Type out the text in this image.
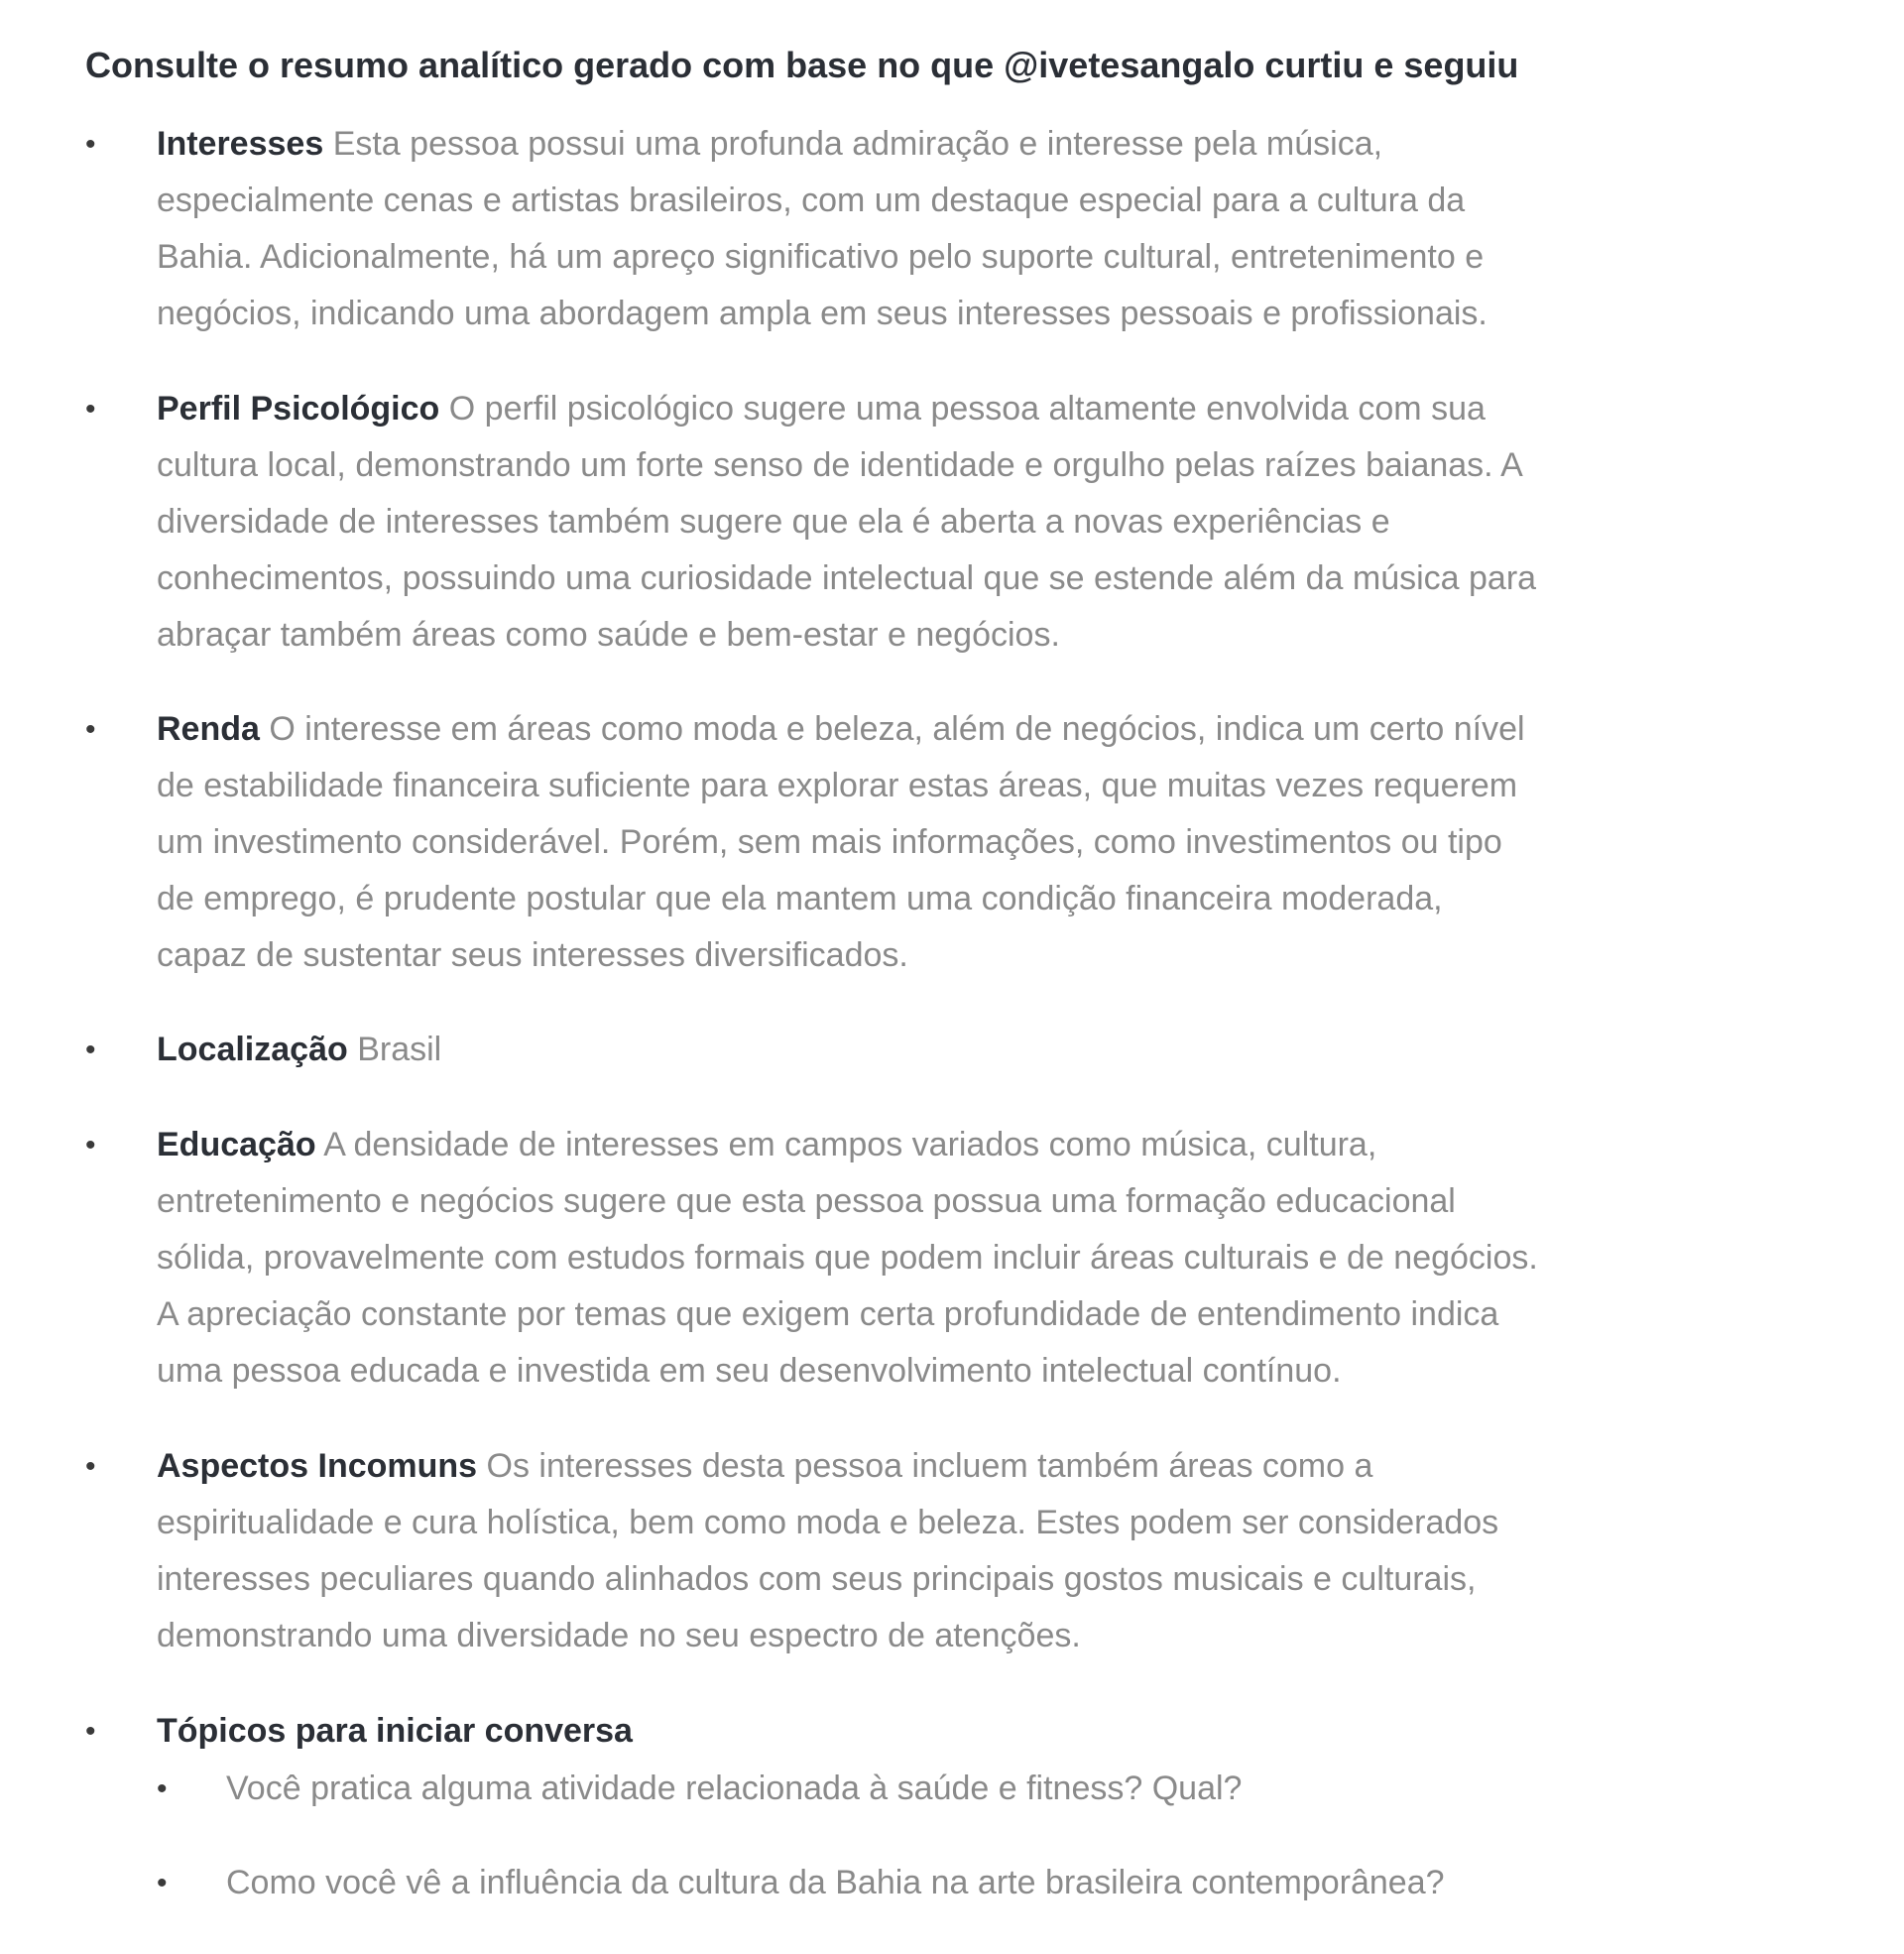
Consulte o resumo analítico gerado com base no que @ivetesangalo curtiu e seguiu
•	Interesses Esta pessoa possui uma profunda admiração e interesse pela música,
especialmente cenas e artistas brasileiros, com um destaque especial para a cultura da
Bahia. Adicionalmente, há um apreço significativo pelo suporte cultural, entretenimento e
negócios, indicando uma abordagem ampla em seus interesses pessoais e profissionais.
•	Perfil Psicológico O perfil psicológico sugere uma pessoa altamente envolvida com sua
cultura local, demonstrando um forte senso de identidade e orgulho pelas raízes baianas. A
diversidade de interesses também sugere que ela é aberta a novas experiências e
conhecimentos, possuindo uma curiosidade intelectual que se estende além da música para
abraçar também áreas como saúde e bem-estar e negócios.
•	Renda O interesse em áreas como moda e beleza, além de negócios, indica um certo nível
de estabilidade financeira suficiente para explorar estas áreas, que muitas vezes requerem
um investimento considerável. Porém, sem mais informações, como investimentos ou tipo
de emprego, é prudente postular que ela mantem uma condição financeira moderada,
capaz de sustentar seus interesses diversificados.
•	Localização Brasil
•	Educação A densidade de interesses em campos variados como música, cultura,
entretenimento e negócios sugere que esta pessoa possua uma formação educacional
sólida, provavelmente com estudos formais que podem incluir áreas culturais e de negócios.
A apreciação constante por temas que exigem certa profundidade de entendimento indica
uma pessoa educada e investida em seu desenvolvimento intelectual contínuo.
•	Aspectos Incomuns Os interesses desta pessoa incluem também áreas como a
espiritualidade e cura holística, bem como moda e beleza. Estes podem ser considerados
interesses peculiares quando alinhados com seus principais gostos musicais e culturais,
demonstrando uma diversidade no seu espectro de atenções.
•	Tópicos para iniciar conversa
•	Você pratica alguma atividade relacionada à saúde e fitness? Qual?
•	Como você vê a influência da cultura da Bahia na arte brasileira contemporânea?
